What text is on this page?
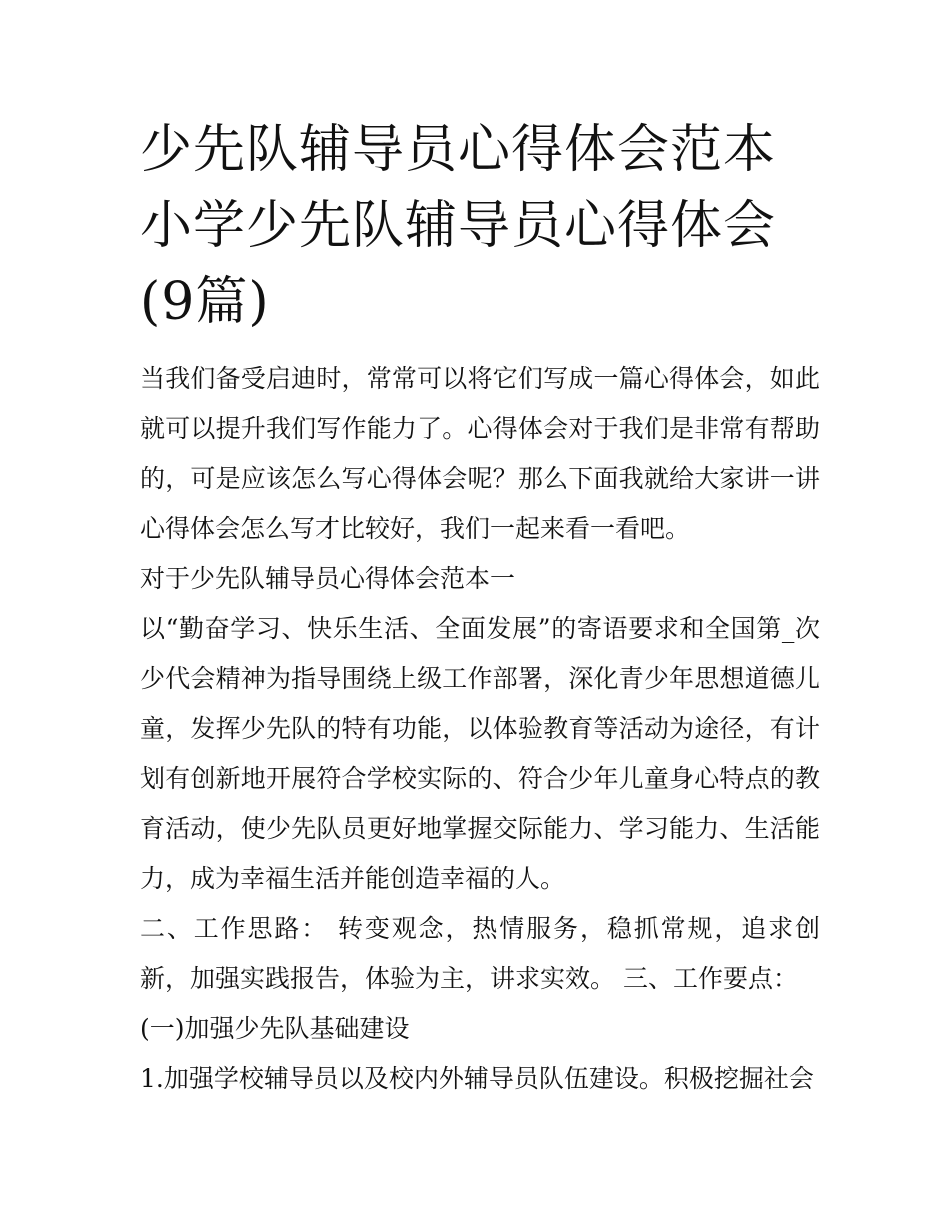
少先队辅导员心得体会范本 小学少先队辅导员心得体会(9篇)

当我们备受启迪时，常常可以将它们写成一篇心得体会，如此就可以提升我们写作能力了。心得体会对于我们是非常有帮助的，可是应该怎么写心得体会呢？那么下面我就给大家讲一讲心得体会怎么写才比较好，我们一起来看一看吧。

对于少先队辅导员心得体会范本一

以“勤奋学习、快乐生活、全面发展”的寄语要求和全国第_次少代会精神为指导围绕上级工作部署，深化青少年思想道德儿童，发挥少先队的特有功能，以体验教育等活动为途径，有计划有创新地开展符合学校实际的、符合少年儿童身心特点的教育活动，使少先队员更好地掌握交际能力、学习能力、生活能力，成为幸福生活并能创造幸福的人。

二、工作思路： 转变观念，热情服务，稳抓常规，追求创新，加强实践报告，体验为主，讲求实效。 三、工作要点：

(一)加强少先队基础建设

1.加强学校辅导员以及校内外辅导员队伍建设。积极挖掘社会
